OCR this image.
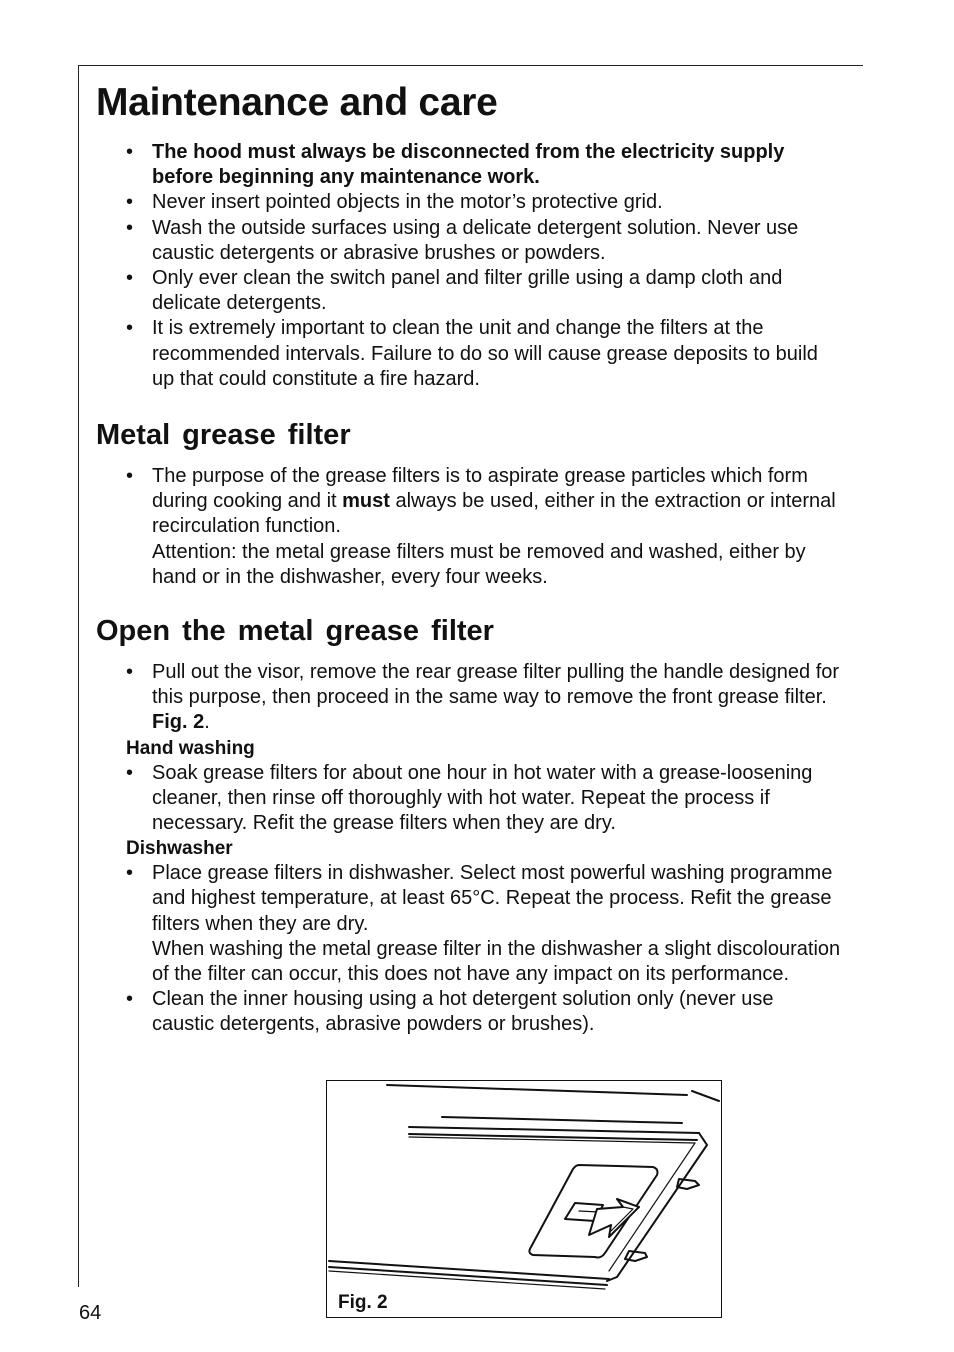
Maintenance and care
• The hood must always be disconnected from the electricity supply before beginning any maintenance work.
• Never insert pointed objects in the motor’s protective grid.
• Wash the outside surfaces using a delicate detergent solution. Never use caustic detergents or abrasive brushes or powders.
• Only ever clean the switch panel and filter grille using a damp cloth and delicate detergents.
• It is extremely important to clean the unit and change the filters at the recommended intervals. Failure to do so will cause grease deposits to build up that could constitute a fire hazard.
Metal grease filter
• The purpose of the grease filters is to aspirate grease particles which form during cooking and it must always be used, either in the extraction or internal recirculation function.

Attention: the metal grease filters must be removed and washed, either by hand or in the dishwasher, every four weeks.

Open the metal grease filter
• Pull out the visor, remove the rear grease filter pulling the handle designed for this purpose, then proceed in the same way to remove the front grease filter. Fig. 2.

Hand washing

• Soak grease filters for about one hour in hot water with a grease-loosening cleaner, then rinse off thoroughly with hot water. Repeat the process if necessary. Refit the grease filters when they are dry.

Dishwasher

• Place grease filters in dishwasher. Select most powerful washing programme and highest temperature, at least 65°C. Repeat the process. Refit the grease filters when they are dry.

When washing the metal grease filter in the dishwasher a slight discolouration of the filter can occur, this does not have any impact on its performance.

• Clean the inner housing using a hot detergent solution only (never use caustic detergents, abrasive powders or brushes).
Fig. 2
64
